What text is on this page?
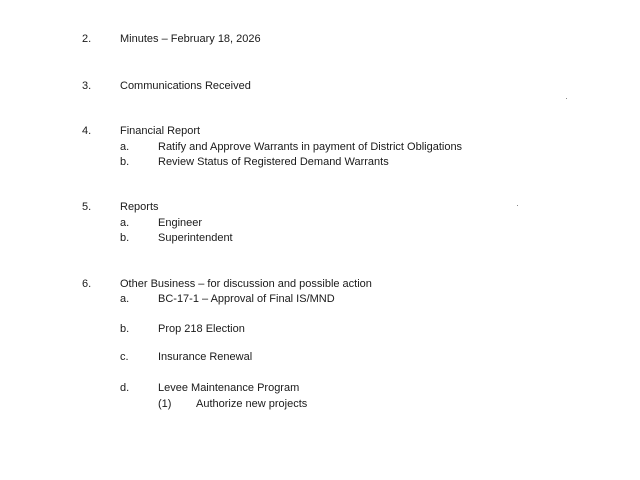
2.	Minutes – February 18, 2026
3.	Communications Received
4.	Financial Report
a.	Ratify and Approve Warrants in payment of District Obligations
b.	Review Status of Registered Demand Warrants
5.	Reports
a.	Engineer
b.	Superintendent
6.	Other Business – for discussion and possible action
a.	BC-17-1 – Approval of Final IS/MND
b.	Prop 218 Election
c.	Insurance Renewal
d.	Levee Maintenance Program
(1) Authorize new projects
